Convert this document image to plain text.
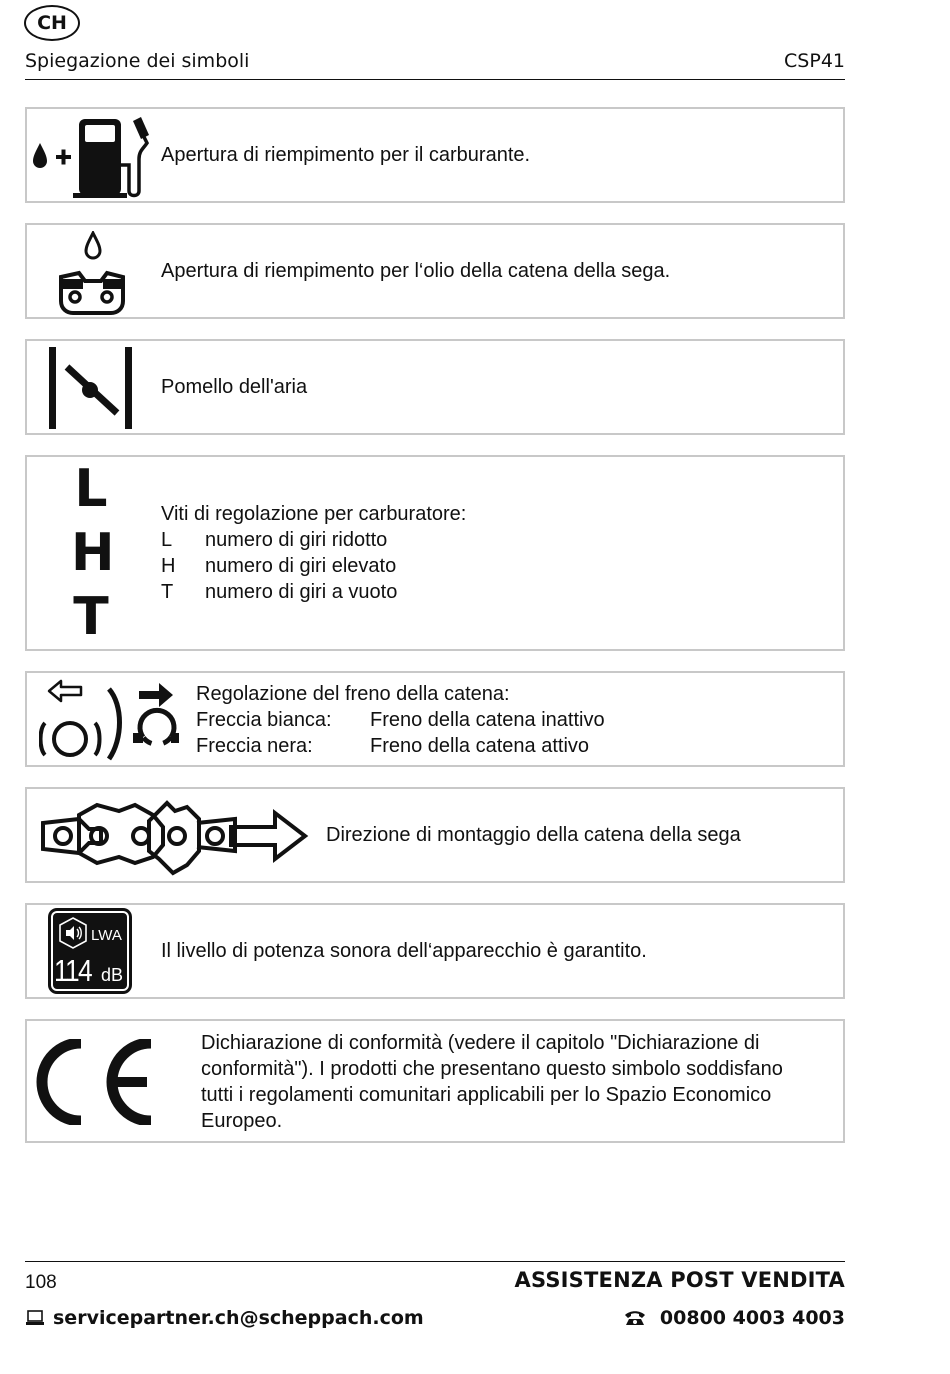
CH
Spiegazione dei simboli	CSP41
Apertura di riempimento per il carburante.
Apertura di riempimento per l‘olio della catena della sega.
Pomello dell'aria
L
H
T
Viti di regolazione per carburatore:
L	numero di giri ridotto
H	numero di giri elevato
T	numero di giri a vuoto
Regolazione del freno della catena:
Freccia bianca:	Freno della catena inattivo
Freccia nera:	Freno della catena attivo
Direzione di montaggio della catena della sega
LWA
114 dB
Il livello di potenza sonora dell‘apparecchio è garantito.
Dichiarazione di conformità (vedere il capitolo "Dichiarazione di
conformità"). I prodotti che presentano questo simbolo soddisfano
tutti i regolamenti comunitari applicabili per lo Spazio Economico
Europeo.
108	ASSISTENZA POST VENDITA
servicepartner.ch@scheppach.com	00800 4003 4003
